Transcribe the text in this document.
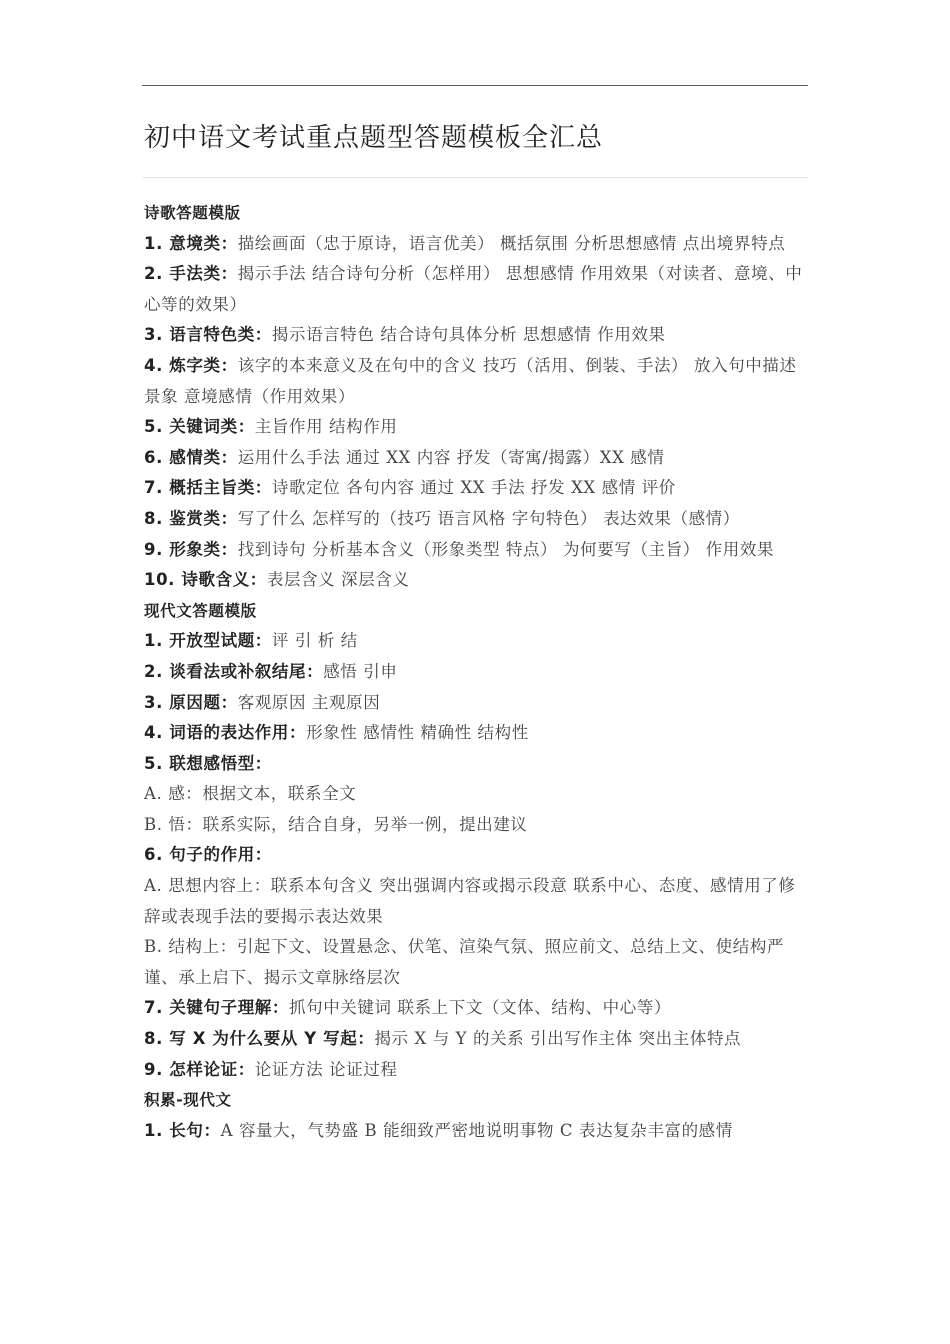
初中语文考试重点题型答题模板全汇总

诗歌答题模版

1. 意境类：描绘画面（忠于原诗，语言优美） 概括氛围 分析思想感情 点出境界特点

2. 手法类：揭示手法 结合诗句分析（怎样用） 思想感情 作用效果（对读者、意境、中心等的效果）

3. 语言特色类：揭示语言特色 结合诗句具体分析 思想感情 作用效果

4. 炼字类：该字的本来意义及在句中的含义 技巧（活用、倒装、手法） 放入句中描述景象 意境感情（作用效果）

5. 关键词类：主旨作用 结构作用

6. 感情类：运用什么手法 通过 XX 内容 抒发（寄寓/揭露）XX 感情

7. 概括主旨类：诗歌定位 各句内容 通过 XX 手法 抒发 XX 感情 评价

8. 鉴赏类：写了什么 怎样写的（技巧 语言风格 字句特色） 表达效果（感情）

9. 形象类：找到诗句 分析基本含义（形象类型 特点） 为何要写（主旨） 作用效果

10. 诗歌含义：表层含义 深层含义

现代文答题模版

1. 开放型试题：评 引 析 结

2. 谈看法或补叙结尾：感悟 引申

3. 原因题：客观原因 主观原因

4. 词语的表达作用：形象性 感情性 精确性 结构性

5. 联想感悟型：

A. 感：根据文本，联系全文

B. 悟：联系实际，结合自身，另举一例，提出建议

6. 句子的作用：

A. 思想内容上：联系本句含义 突出强调内容或揭示段意 联系中心、态度、感情用了修辞或表现手法的要揭示表达效果

B. 结构上：引起下文、设置悬念、伏笔、渲染气氛、照应前文、总结上文、使结构严谨、承上启下、揭示文章脉络层次

7. 关键句子理解：抓句中关键词 联系上下文（文体、结构、中心等）

8. 写 X 为什么要从 Y 写起：揭示 X 与 Y 的关系 引出写作主体 突出主体特点

9. 怎样论证：论证方法 论证过程

积累-现代文

1. 长句：A 容量大，气势盛 B 能细致严密地说明事物 C 表达复杂丰富的感情
